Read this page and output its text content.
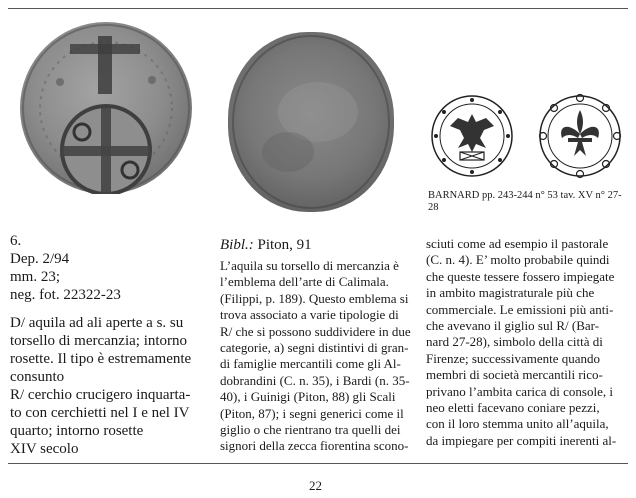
BARNARD pp. 243-244 n° 53 tav. XV n° 27-28

6.

Dep. 2/94

mm. 23;

neg. fot. 22322-23

D/ aquila ad ali aperte a s. su

torsello di mercanzia; intorno

rosette. Il tipo è estremamente

consunto

R/ cerchio crucigero inquarta-

to con cerchietti nel I e nel IV

quarto; intorno rosette

XIV secolo

Bibl.: Piton, 91

L’aquila su torsello di mercanzia è

l’emblema dell’arte di Calimala.

(Filippi, p. 189). Questo emblema si

trova associato a varie tipologie di

R/ che si possono suddividere in due

categorie, a) segni distintivi di gran-

di famiglie mercantili come gli Al-

dobrandini (C. n. 35), i Bardi (n. 35-

40), i Guinigi (Piton, 88) gli Scali

(Piton, 87); i segni generici come il

giglio o che rientrano tra quelli dei

signori della zecca fiorentina scono-

sciuti come ad esempio il pastorale

(C. n. 4). E’ molto probabile quindi

che queste tessere fossero impiegate

in ambito magistraturale più che

commerciale. Le emissioni più anti-

che avevano il giglio sul R/ (Bar-

nard 27-28), simbolo della città di

Firenze; successivamente quando

membri di società mercantili rico-

privano l’ambita carica di console, i

neo eletti facevano coniare pezzi,

con il loro stemma unito all’aquila,

da impiegare per compiti inerenti al-

22
